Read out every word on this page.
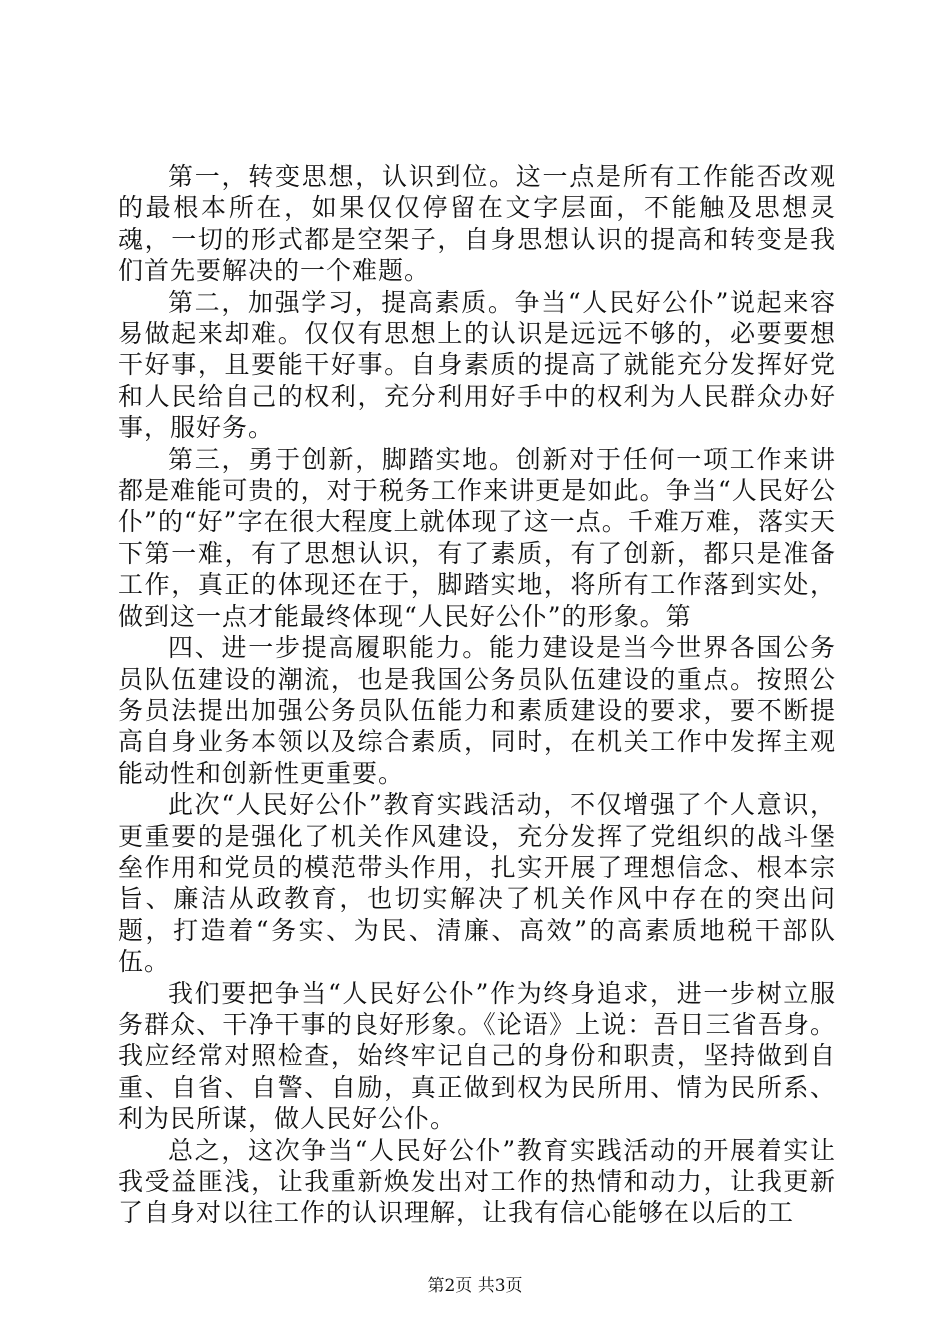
第一，转变思想，认识到位。这一点是所有工作能否改观的最根本所在，如果仅仅停留在文字层面，不能触及思想灵魂，一切的形式都是空架子，自身思想认识的提高和转变是我们首先要解决的一个难题。

第二，加强学习，提高素质。争当“人民好公仆”说起来容易做起来却难。仅仅有思想上的认识是远远不够的，必要要想干好事，且要能干好事。自身素质的提高了就能充分发挥好党和人民给自己的权利，充分利用好手中的权利为人民群众办好事，服好务。

第三，勇于创新，脚踏实地。创新对于任何一项工作来讲都是难能可贵的，对于税务工作来讲更是如此。争当“人民好公仆”的“好”字在很大程度上就体现了这一点。千难万难，落实天下第一难，有了思想认识，有了素质，有了创新，都只是准备工作，真正的体现还在于，脚踏实地，将所有工作落到实处，做到这一点才能最终体现“人民好公仆”的形象。第

四、进一步提高履职能力。能力建设是当今世界各国公务员队伍建设的潮流，也是我国公务员队伍建设的重点。按照公务员法提出加强公务员队伍能力和素质建设的要求，要不断提高自身业务本领以及综合素质，同时，在机关工作中发挥主观能动性和创新性更重要。

此次“人民好公仆”教育实践活动，不仅增强了个人意识，更重要的是强化了机关作风建设，充分发挥了党组织的战斗堡垒作用和党员的模范带头作用，扎实开展了理想信念、根本宗旨、廉洁从政教育，也切实解决了机关作风中存在的突出问题，打造着“务实、为民、清廉、高效”的高素质地税干部队伍。

我们要把争当“人民好公仆”作为终身追求，进一步树立服务群众、干净干事的良好形象。《论语》上说：吾日三省吾身。我应经常对照检查，始终牢记自己的身份和职责，坚持做到自重、自省、自警、自励，真正做到权为民所用、情为民所系、利为民所谋，做人民好公仆。

总之，这次争当“人民好公仆”教育实践活动的开展着实让我受益匪浅，让我重新焕发出对工作的热情和动力，让我更新了自身对以往工作的认识理解，让我有信心能够在以后的工

第2页 共3页
